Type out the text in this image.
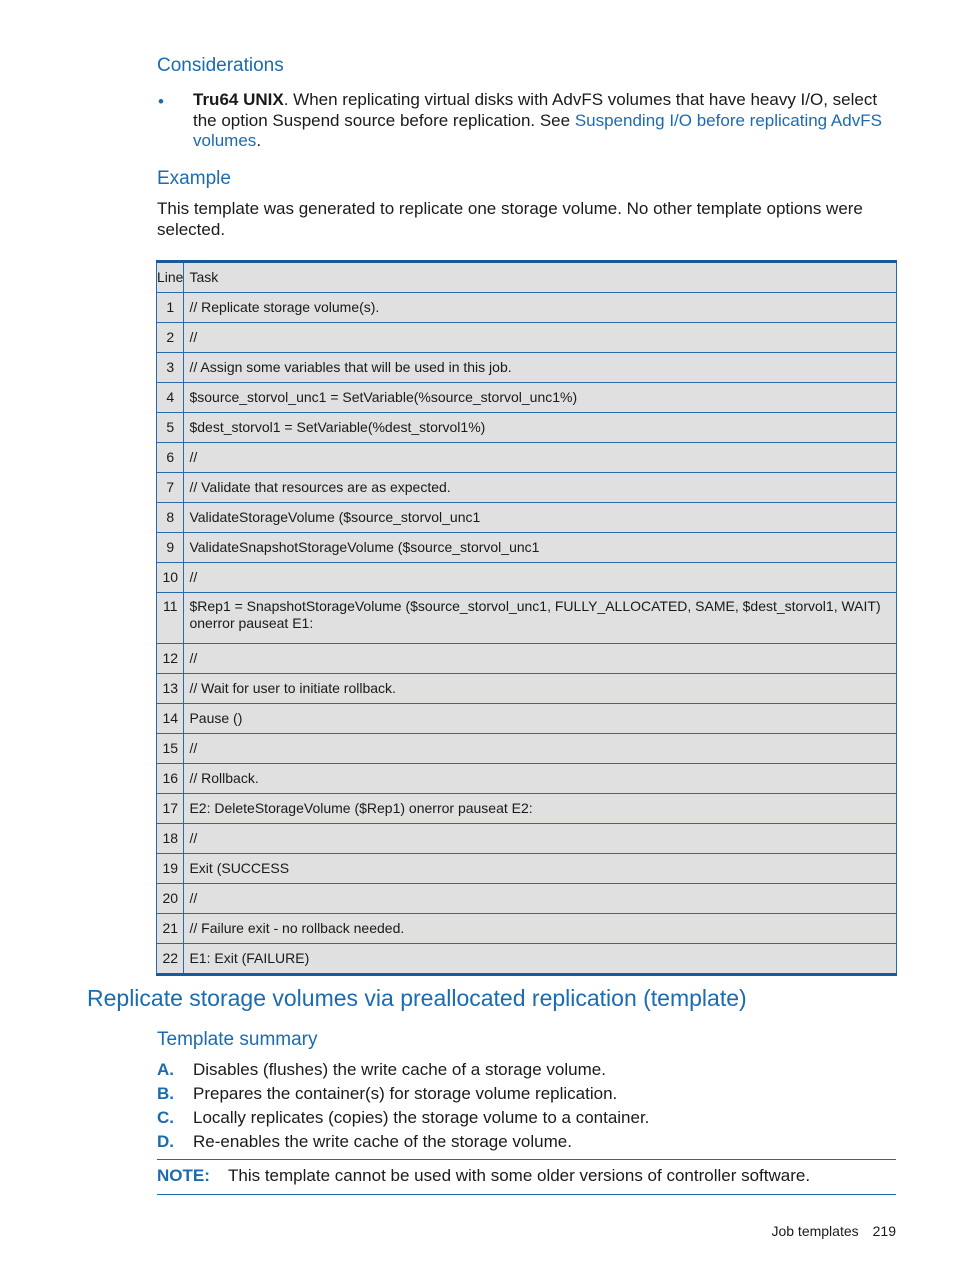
Considerations
• Tru64 UNIX. When replicating virtual disks with AdvFS volumes that have heavy I/O, select the option Suspend source before replication. See Suspending I/O before replicating AdvFS volumes.

Example

This template was generated to replicate one storage volume. No other template options were selected.

Line	Task
1	// Replicate storage volume(s).
2	//
3	// Assign some variables that will be used in this job.
4	$source_storvol_unc1 = SetVariable(%source_storvol_unc1%)
5	$dest_storvol1 = SetVariable(%dest_storvol1%)
6	//
7	// Validate that resources are as expected.
8	ValidateStorageVolume ($source_storvol_unc1
9	ValidateSnapshotStorageVolume ($source_storvol_unc1
10	//
11	$Rep1 = SnapshotStorageVolume ($source_storvol_unc1, FULLY_ALLOCATED, SAME, $dest_storvol1, WAIT) onerror pauseat E1:
12	//
13	// Wait for user to initiate rollback.
14	Pause ()
15	//
16	// Rollback.
17	E2: DeleteStorageVolume ($Rep1) onerror pauseat E2:
18	//
19	Exit (SUCCESS
20	//
21	// Failure exit - no rollback needed.
22	E1: Exit (FAILURE)
Replicate storage volumes via preallocated replication (template)
Template summary
A. Disables (flushes) the write cache of a storage volume.
B. Prepares the container(s) for storage volume replication.
C. Locally replicates (copies) the storage volume to a container.
D. Re-enables the write cache of the storage volume.
NOTE: This template cannot be used with some older versions of controller software.
Job templates 219
